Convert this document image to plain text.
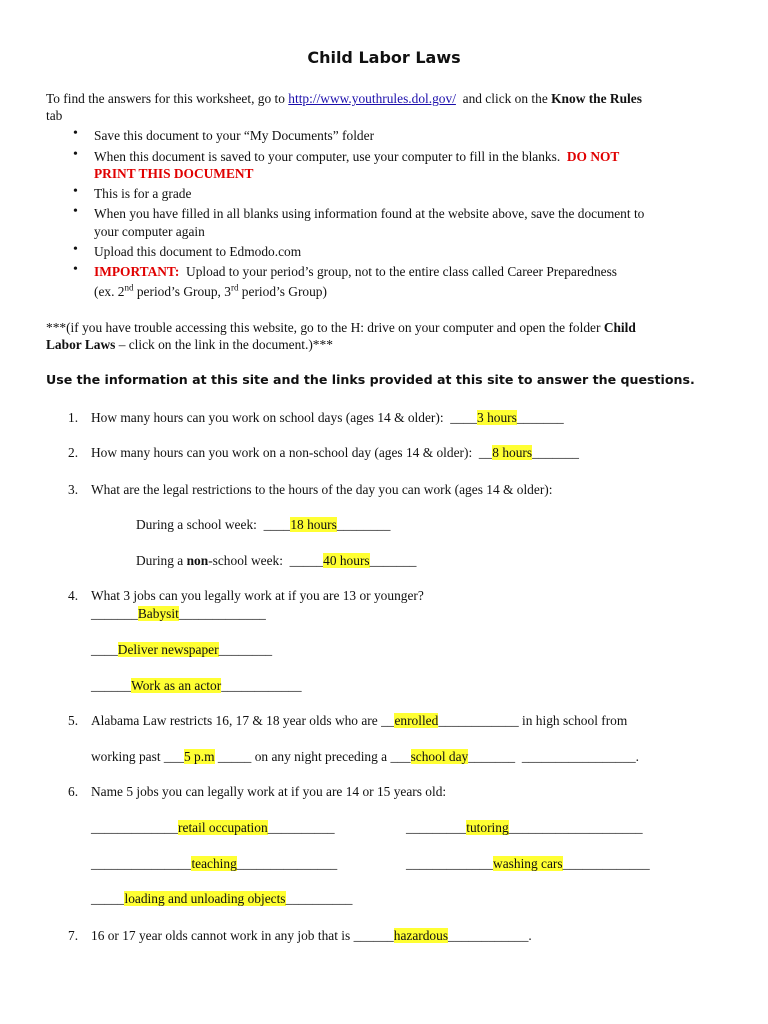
Child Labor Laws
To find the answers for this worksheet, go to http://www.youthrules.dol.gov/ and click on the Know the Rules
tab
• Save this document to your “My Documents” folder
• When this document is saved to your computer, use your computer to fill in the blanks. DO NOT
PRINT THIS DOCUMENT
• This is for a grade
• When you have filled in all blanks using information found at the website above, save the document to
your computer again
• Upload this document to Edmodo.com
• IMPORTANT: Upload to your period’s group, not to the entire class called Career Preparedness
(ex. 2nd period’s Group, 3rd period’s Group)
***(if you have trouble accessing this website, go to the H: drive on your computer and open the folder Child
Labor Laws – click on the link in the document.)***
Use the information at this site and the links provided at this site to answer the questions.
1. How many hours can you work on school days (ages 14 & older): ____3 hours_______
2. How many hours can you work on a non-school day (ages 14 & older): __8 hours_______
3. What are the legal restrictions to the hours of the day you can work (ages 14 & older):
During a school week: ____18 hours________
During a non-school week: _____40 hours_______
4. What 3 jobs can you legally work at if you are 13 or younger?
_______Babysit_____________
____Deliver newspaper________
______Work as an actor____________
5. Alabama Law restricts 16, 17 & 18 year olds who are __enrolled____________ in high school from
working past ___5 p.m _____ on any night preceding a ___school day_______ _________________.
6. Name 5 jobs you can legally work at if you are 14 or 15 years old:
_____________retail occupation__________	_________tutoring____________________
_______________teaching_______________	_____________washing cars_____________
_____loading and unloading objects__________
7. 16 or 17 year olds cannot work in any job that is ______hazardous____________.
